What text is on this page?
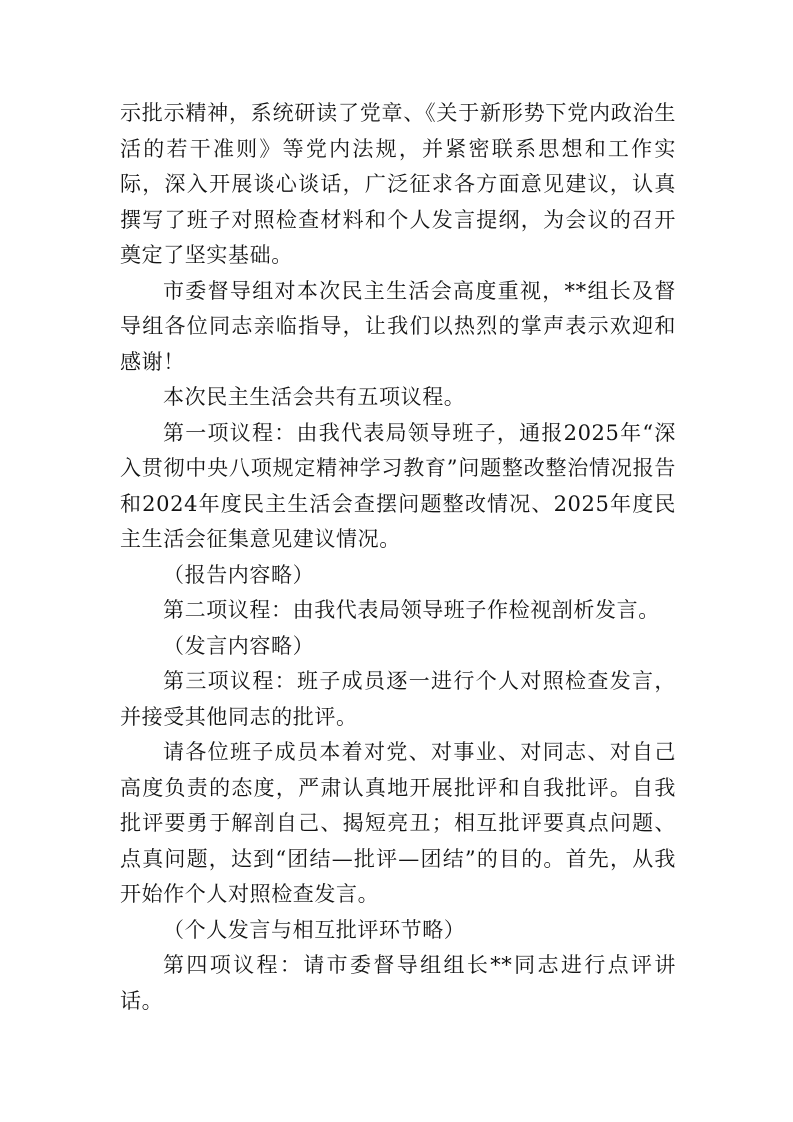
示批示精神，系统研读了党章、《关于新形势下党内政治生活的若干准则》等党内法规，并紧密联系思想和工作实际，深入开展谈心谈话，广泛征求各方面意见建议，认真撰写了班子对照检查材料和个人发言提纲，为会议的召开奠定了坚实基础。

市委督导组对本次民主生活会高度重视，**组长及督导组各位同志亲临指导，让我们以热烈的掌声表示欢迎和感谢！

本次民主生活会共有五项议程。

第一项议程：由我代表局领导班子，通报2025年“深入贯彻中央八项规定精神学习教育”问题整改整治情况报告和2024年度民主生活会查摆问题整改情况、2025年度民主生活会征集意见建议情况。

（报告内容略）

第二项议程：由我代表局领导班子作检视剖析发言。

（发言内容略）

第三项议程：班子成员逐一进行个人对照检查发言，并接受其他同志的批评。

请各位班子成员本着对党、对事业、对同志、对自己高度负责的态度，严肃认真地开展批评和自我批评。自我批评要勇于解剖自己、揭短亮丑；相互批评要真点问题、点真问题，达到“团结—批评—团结”的目的。首先，从我开始作个人对照检查发言。

（个人发言与相互批评环节略）

第四项议程：请市委督导组组长**同志进行点评讲话。
